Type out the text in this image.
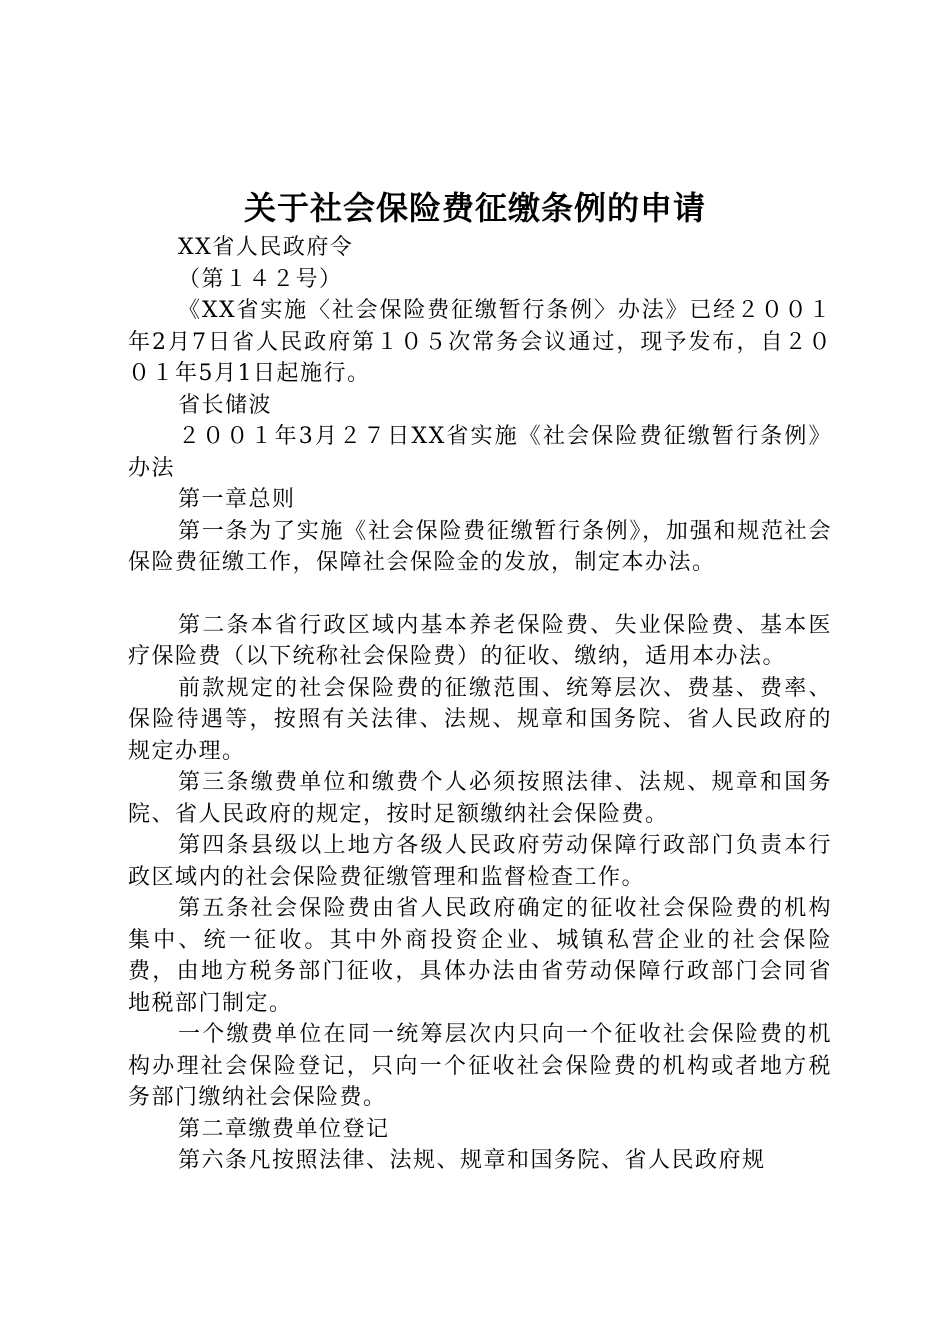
关于社会保险费征缴条例的申请

XX省人民政府令

（第１４２号）

《XX省实施〈社会保险费征缴暂行条例〉办法》已经２００１年2月7日省人民政府第１０５次常务会议通过，现予发布，自２００１年5月1日起施行。

省长储波

２００１年3月２７日XX省实施《社会保险费征缴暂行条例》办法

第一章总则

第一条为了实施《社会保险费征缴暂行条例》，加强和规范社会保险费征缴工作，保障社会保险金的发放，制定本办法。

第二条本省行政区域内基本养老保险费、失业保险费、基本医疗保险费（以下统称社会保险费）的征收、缴纳，适用本办法。

前款规定的社会保险费的征缴范围、统筹层次、费基、费率、保险待遇等，按照有关法律、法规、规章和国务院、省人民政府的规定办理。

第三条缴费单位和缴费个人必须按照法律、法规、规章和国务院、省人民政府的规定，按时足额缴纳社会保险费。

第四条县级以上地方各级人民政府劳动保障行政部门负责本行政区域内的社会保险费征缴管理和监督检查工作。

第五条社会保险费由省人民政府确定的征收社会保险费的机构集中、统一征收。其中外商投资企业、城镇私营企业的社会保险费，由地方税务部门征收，具体办法由省劳动保障行政部门会同省地税部门制定。

一个缴费单位在同一统筹层次内只向一个征收社会保险费的机构办理社会保险登记，只向一个征收社会保险费的机构或者地方税务部门缴纳社会保险费。

第二章缴费单位登记

第六条凡按照法律、法规、规章和国务院、省人民政府规
